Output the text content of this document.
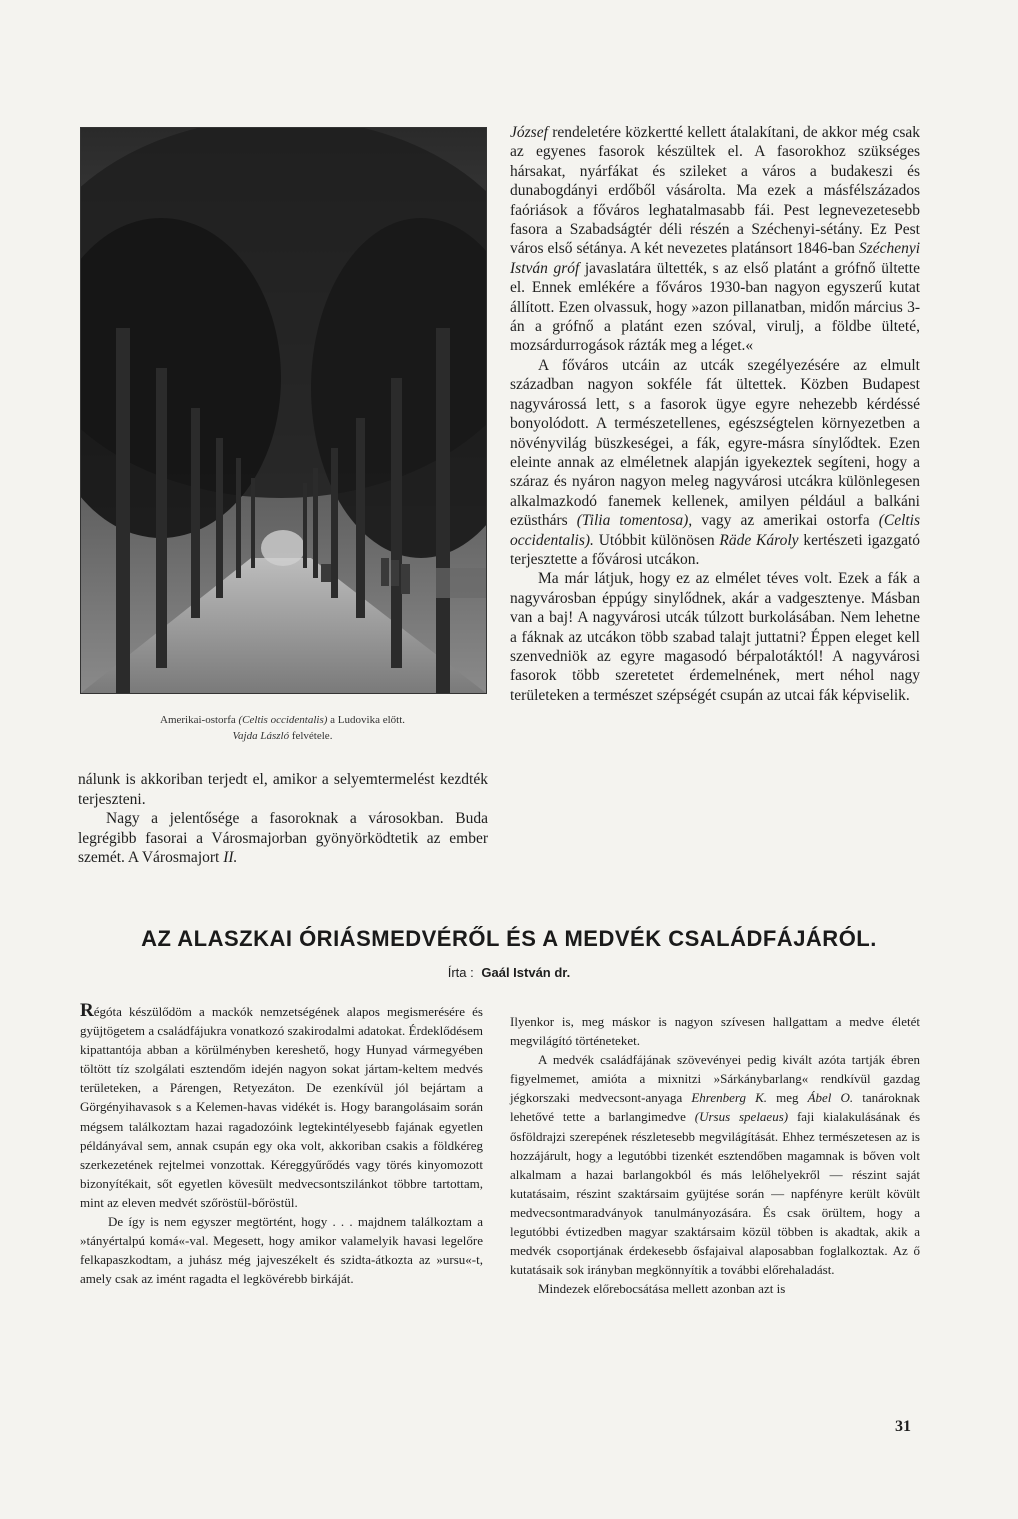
Amerikai-ostorfa (Celtis occidentalis) a Ludovika előtt.
Vajda László felvétele.

nálunk is akkoriban terjedt el, amikor a selyemtermelést kezdték terjeszteni.

Nagy a jelentősége a fasoroknak a városokban. Buda legrégibb fasorai a Városmajorban gyönyörködtetik az ember szemét. A Városmajort II.

József rendeletére közkertté kellett átalakítani, de akkor még csak az egyenes fasorok készültek el. A fasorokhoz szükséges hársakat, nyárfákat és szileket a város a budakeszi és dunabogdányi erdőből vásárolta. Ma ezek a másfélszázados faóriások a főváros leghatalmasabb fái. Pest legnevezetesebb fasora a Szabadságtér déli részén a Széchenyi-sétány. Ez Pest város első sétánya. A két nevezetes platánsort 1846-ban Széchenyi István gróf javaslatára ültették, s az első platánt a grófnő ültette el. Ennek emlékére a főváros 1930-ban nagyon egyszerű kutat állított. Ezen olvassuk, hogy »azon pillanatban, midőn március 3-án a grófnő a platánt ezen szóval, virulj, a földbe ülteté, mozsárdurrogások rázták meg a léget.«

A főváros utcáin az utcák szegélyezésére az elmult században nagyon sokféle fát ültettek. Közben Budapest nagyvárossá lett, s a fasorok ügye egyre nehezebb kérdéssé bonyolódott. A természetellenes, egészségtelen környezetben a növényvilág büszkeségei, a fák, egyre-másra sínylődtek. Ezen eleinte annak az elméletnek alapján igyekeztek segíteni, hogy a száraz és nyáron nagyon meleg nagyvárosi utcákra különlegesen alkalmazkodó fanemek kellenek, amilyen például a balkáni ezüsthárs (Tilia tomentosa), vagy az amerikai ostorfa (Celtis occidentalis). Utóbbit különösen Räde Károly kertészeti igazgató terjesztette a fővárosi utcákon.

Ma már látjuk, hogy ez az elmélet téves volt. Ezek a fák a nagyvárosban éppúgy sinylődnek, akár a vadgesztenye. Másban van a baj! A nagyvárosi utcák túlzott burkolásában. Nem lehetne a fáknak az utcákon több szabad talajt juttatni? Éppen eleget kell szenvedniök az egyre magasodó bérpalotáktól! A nagyvárosi fasorok több szeretetet érdemelnének, mert néhol nagy területeken a természet szépségét csupán az utcai fák képviselik.

AZ ALASZKAI ÓRIÁSMEDVÉRŐL ÉS A MEDVÉK CSALÁDFÁJÁRÓL.
Írta : Gaál István dr.

Régóta készülődöm a mackók nemzetségének alapos megismerésére és gyüjtögetem a családfájukra vonatkozó szakirodalmi adatokat. Érdeklődésem kipattantója abban a körülményben kereshető, hogy Hunyad vármegyében töltött tíz szolgálati esztendőm idején nagyon sokat jártam-keltem medvés területeken, a Párengen, Retyezáton. De ezenkívül jól bejártam a Görgényihavasok s a Kelemen-havas vidékét is. Hogy barangolásaim során mégsem találkoztam hazai ragadozóink legtekintélyesebb fajának egyetlen példányával sem, annak csupán egy oka volt, akkoriban csakis a földkéreg szerkezetének rejtelmei vonzottak. Kéreggyűrődés vagy törés kinyomozott bizonyítékait, sőt egyetlen kövesült medvecsontszilánkot többre tartottam, mint az eleven medvét szőröstül-bőröstül.

De így is nem egyszer megtörtént, hogy . . . majdnem találkoztam a »tányértalpú komá«-val. Megesett, hogy amikor valamelyik havasi legelőre felkapaszkodtam, a juhász még jajveszékelt és szidta-átkozta az »ursu«-t, amely csak az imént ragadta el legkövérebb birkáját.

Ilyenkor is, meg máskor is nagyon szívesen hallgattam a medve életét megvilágító történeteket.

A medvék családfájának szövevényei pedig kivált azóta tartják ébren figyelmemet, amióta a mixnitzi »Sárkánybarlang« rendkívül gazdag jégkorszaki medvecsont-anyaga Ehrenberg K. meg Ábel O. tanároknak lehetővé tette a barlangimedve (Ursus spelaeus) faji kialakulásának és ősföldrajzi szerepének részletesebb megvilágítását. Ehhez természetesen az is hozzájárult, hogy a legutóbbi tizenkét esztendőben magamnak is bőven volt alkalmam a hazai barlangokból és más lelőhelyekről — részint saját kutatásaim, részint szaktársaim gyüjtése során — napfényre került kövült medvecsontmaradványok tanulmányozására. És csak örültem, hogy a legutóbbi évtizedben magyar szaktársaim közül többen is akadtak, akik a medvék csoportjának érdekesebb ősfajaival alaposabban foglalkoztak. Az ő kutatásaik sok irányban megkönnyítik a további előrehaladást.

Mindezek előrebocsátása mellett azonban azt is

31
